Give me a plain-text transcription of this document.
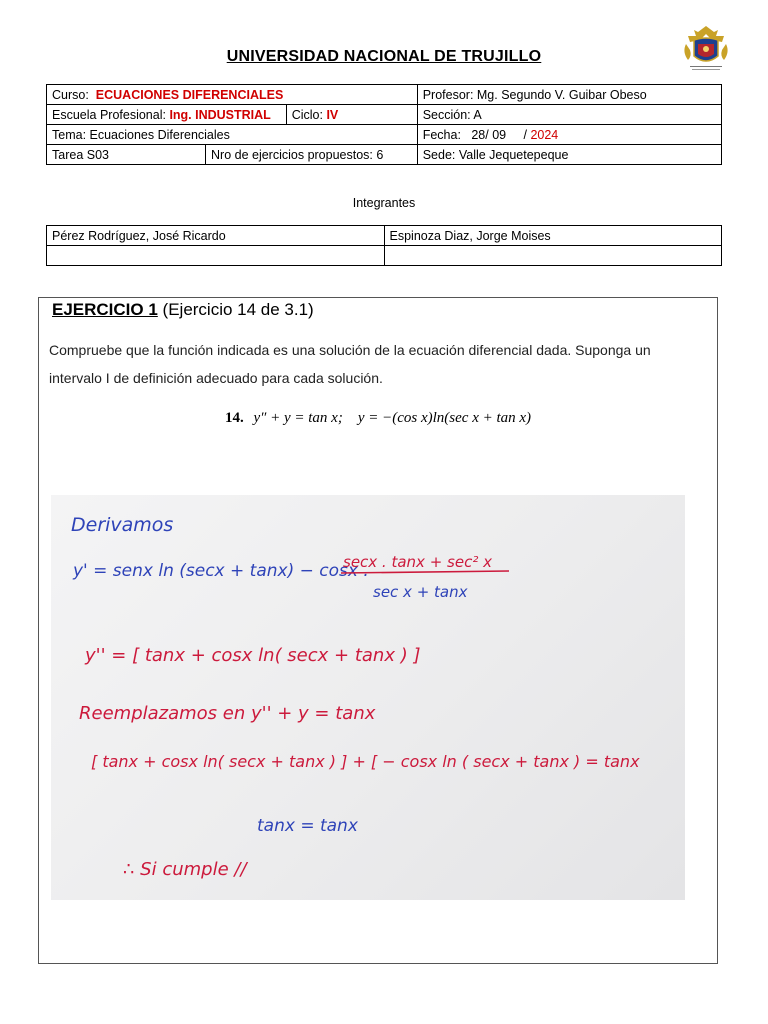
UNIVERSIDAD NACIONAL DE TRUJILLO
Curso: ECUACIONES DIFERENCIALES			Profesor: Mg. Segundo V. Guibar Obeso
Escuela Profesional: Ing. INDUSTRIAL		Ciclo: IV	Sección: A
Tema: Ecuaciones Diferenciales			Fecha: 28/ 09 / 2024
Tarea S03	Nro de ejercicios propuestos: 6		Sede: Valle Jequetepeque
Integrantes
Pérez Rodríguez, José Ricardo	Espinoza Diaz, Jorge Moises

EJERCICIO 1 (Ejercicio 14 de 3.1)
Compruebe que la función indicada es una solución de la ecuación diferencial dada. Suponga un intervalo I de definición adecuado para cada solución.
14. y″ + y = tan x; y = −(cos x)ln(sec x + tan x)
Derivamos
y' = senx ln (secx + tanx) − cosx .
secx . tanx + sec² x
sec x + tanx
y'' = [ tanx + cosx ln( secx + tanx ) ]
Reemplazamos en y'' + y = tanx
[ tanx + cosx ln( secx + tanx ) ] + [ − cosx ln ( secx + tanx ) = tanx
tanx = tanx
∴ Si cumple //
